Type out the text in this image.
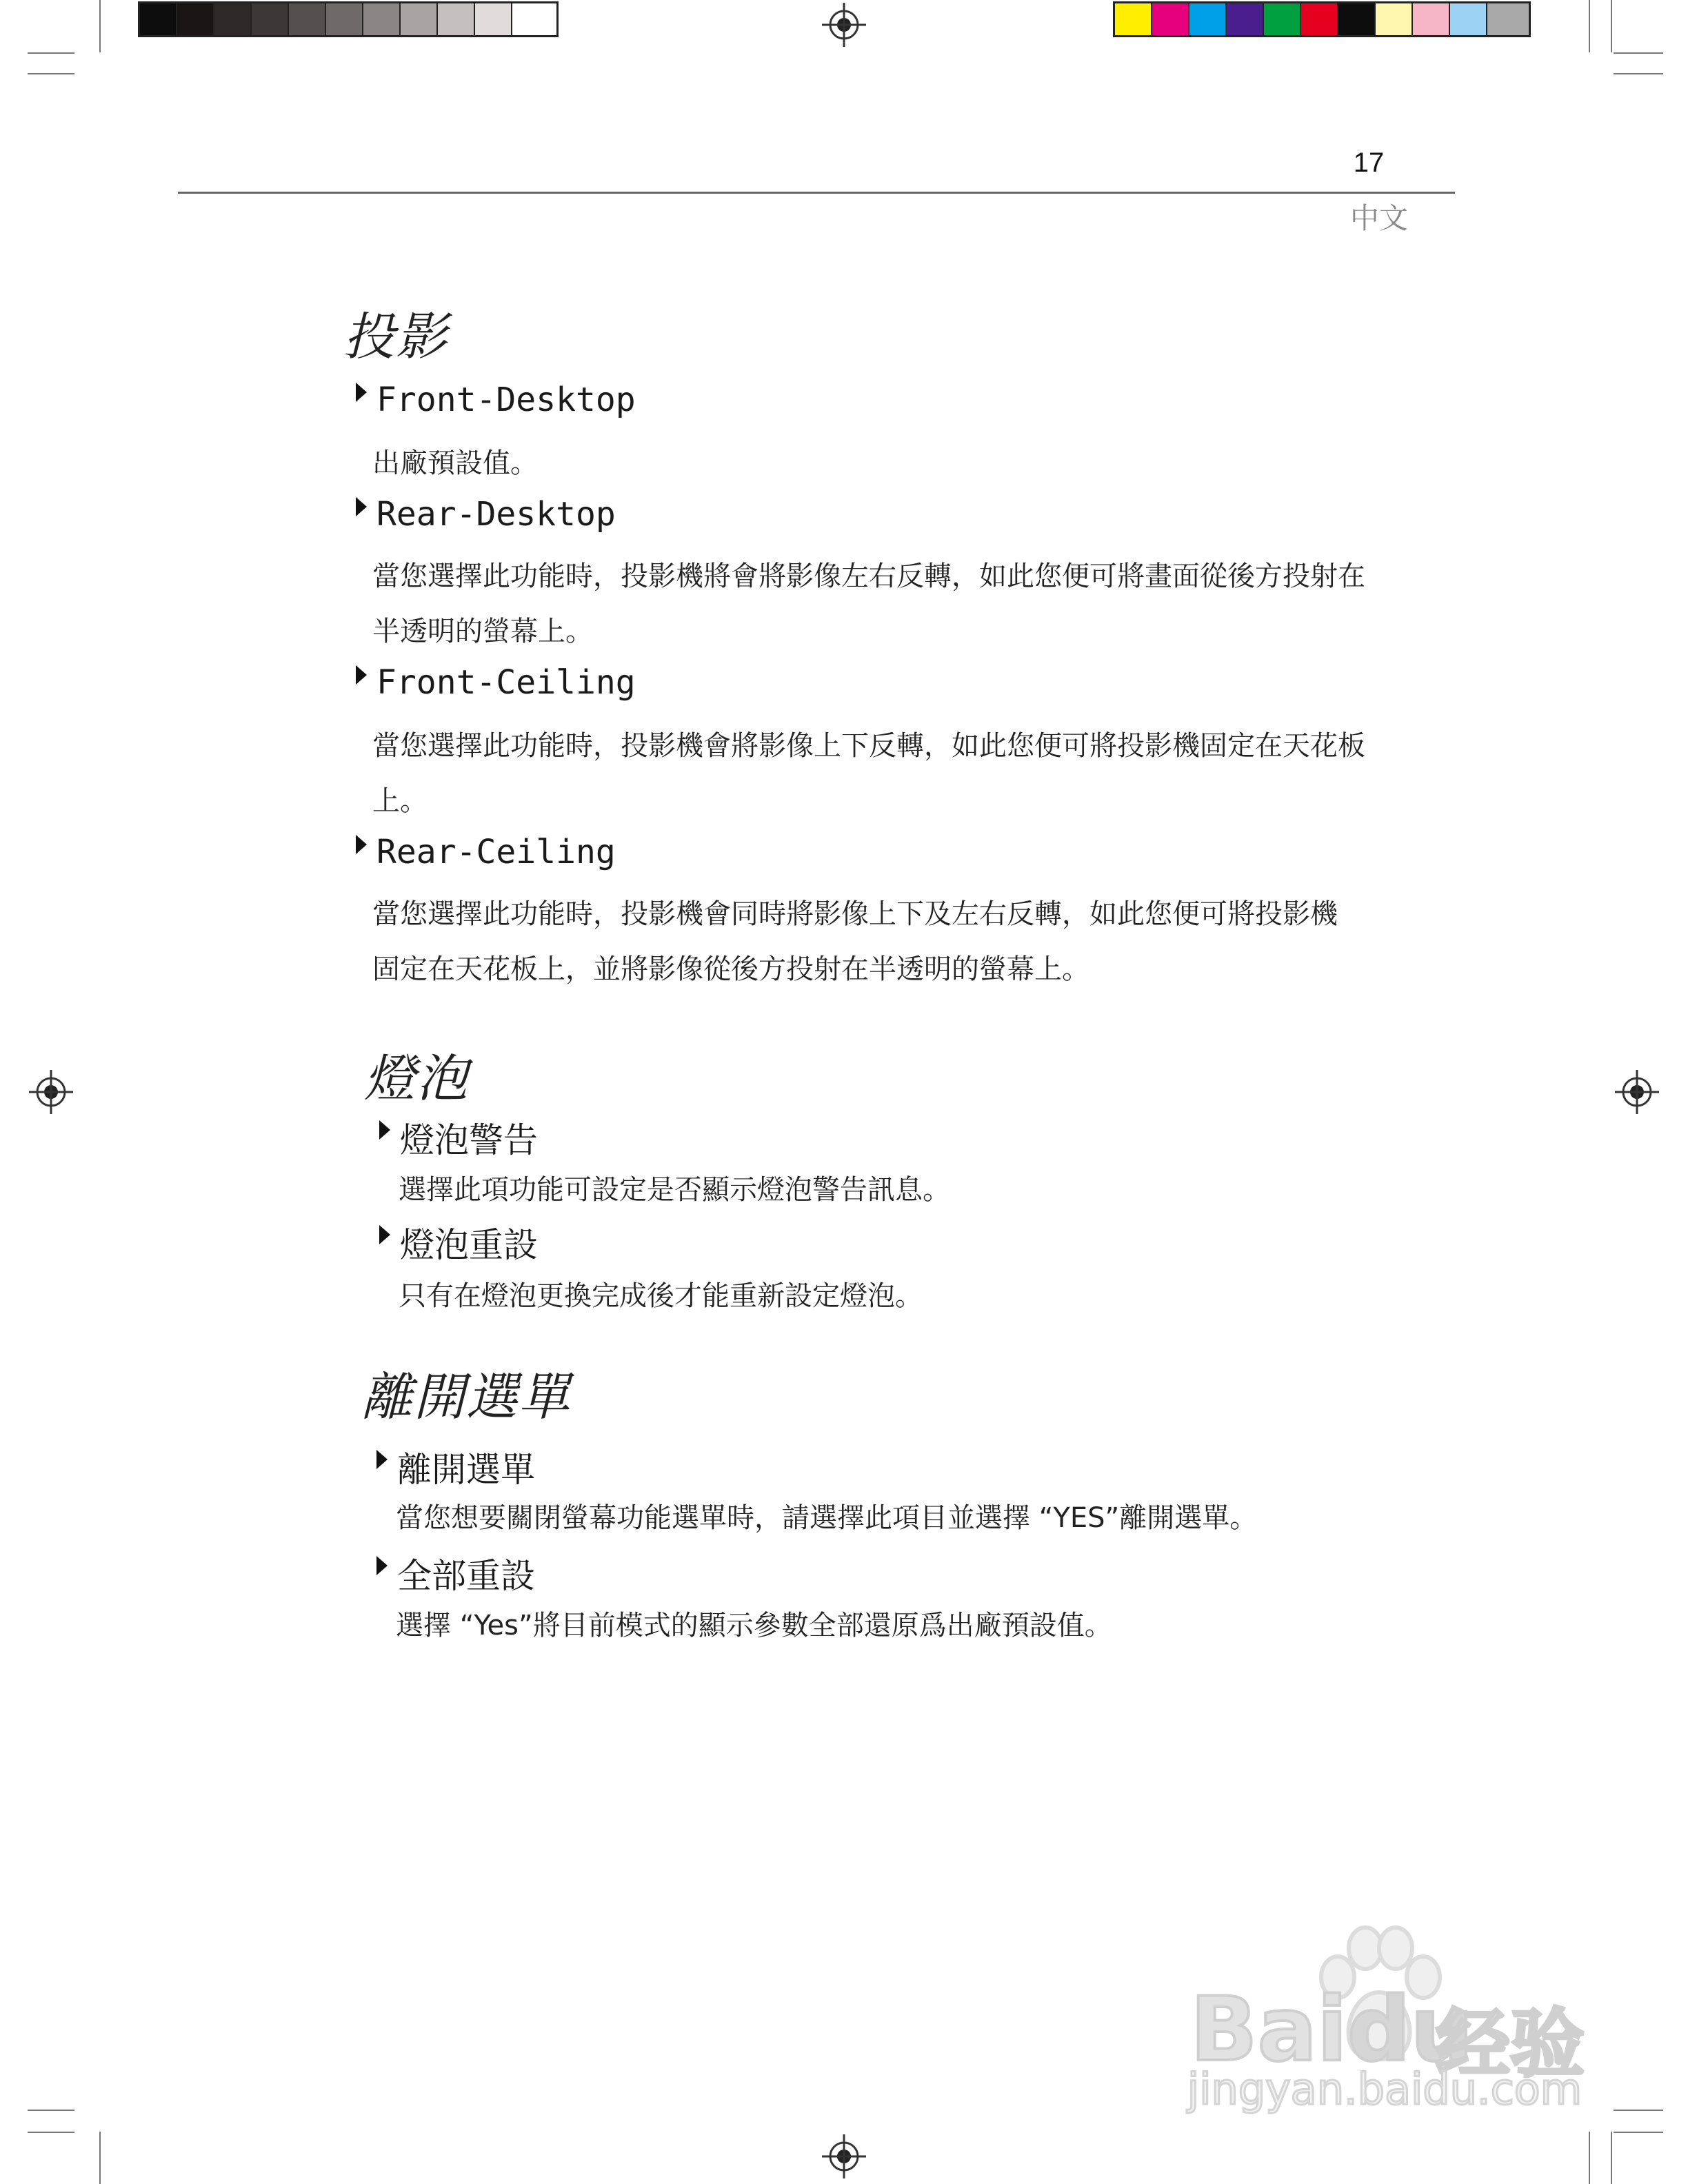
17
中文
投影
Front-Desktop
出廠預設值。
Rear-Desktop
當您選擇此功能時，投影機將會將影像左右反轉，如此您便可將畫面從後方投射在
半透明的螢幕上。
Front-Ceiling
當您選擇此功能時，投影機會將影像上下反轉，如此您便可將投影機固定在天花板
上。
Rear-Ceiling
當您選擇此功能時，投影機會同時將影像上下及左右反轉，如此您便可將投影機
固定在天花板上，並將影像從後方投射在半透明的螢幕上。
燈泡
燈泡警告
選擇此項功能可設定是否顯示燈泡警告訊息。
燈泡重設
只有在燈泡更換完成後才能重新設定燈泡。
離開選單
離開選單
當您想要關閉螢幕功能選單時，請選擇此項目並選擇 “YES”離開選單。
全部重設
選擇 “Yes”將目前模式的顯示參數全部還原爲出廠預設值。
Baidu
经验
jingyan.baidu.com
